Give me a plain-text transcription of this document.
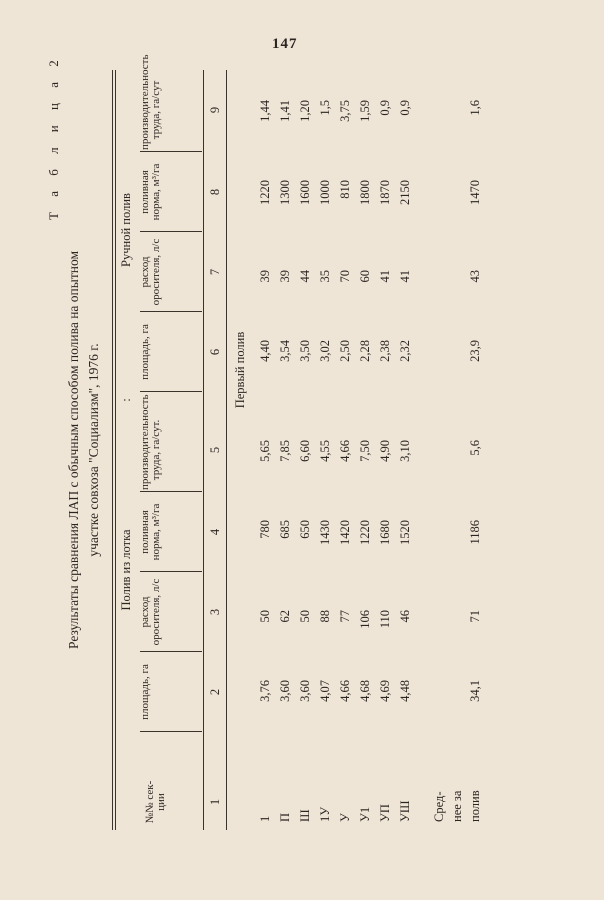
147
Т а б л и ц а 2
Результаты сравнения ЛАП с обычным способом полива на опытном участке совхоза "Социализм", 1976 г.
Полив из лотка
:
Ручной полив
№№ сек- ции
площадь, га
расход оросителя, л/с
поливная норма, м³/га
производительность труда, га/сут.
площадь, га
расход оросителя, л/с
поливная норма, м³/га
производительность труда, га/сут
1
2
3
4
5
6
7
8
9
Первый полив
1
3,76
50
780
5,65
4,40
39
1220
1,44
П
3,60
62
685
7,85
3,54
39
1300
1,41
Ш
3,60
50
650
6,60
3,50
44
1600
1,20
1У
4,07
88
1430
4,55
3,02
35
1000
1,5
У
4,66
77
1420
4,66
2,50
70
810
3,75
У1
4,68
106
1220
7,50
2,28
60
1800
1,59
УП
4,69
110
1680
4,90
2,38
41
1870
0,9
УШ
4,48
46
1520
3,10
2,32
41
2150
0,9
Сред- нее за полив
34,1
71
1186
5,6
23,9
43
1470
1,6
